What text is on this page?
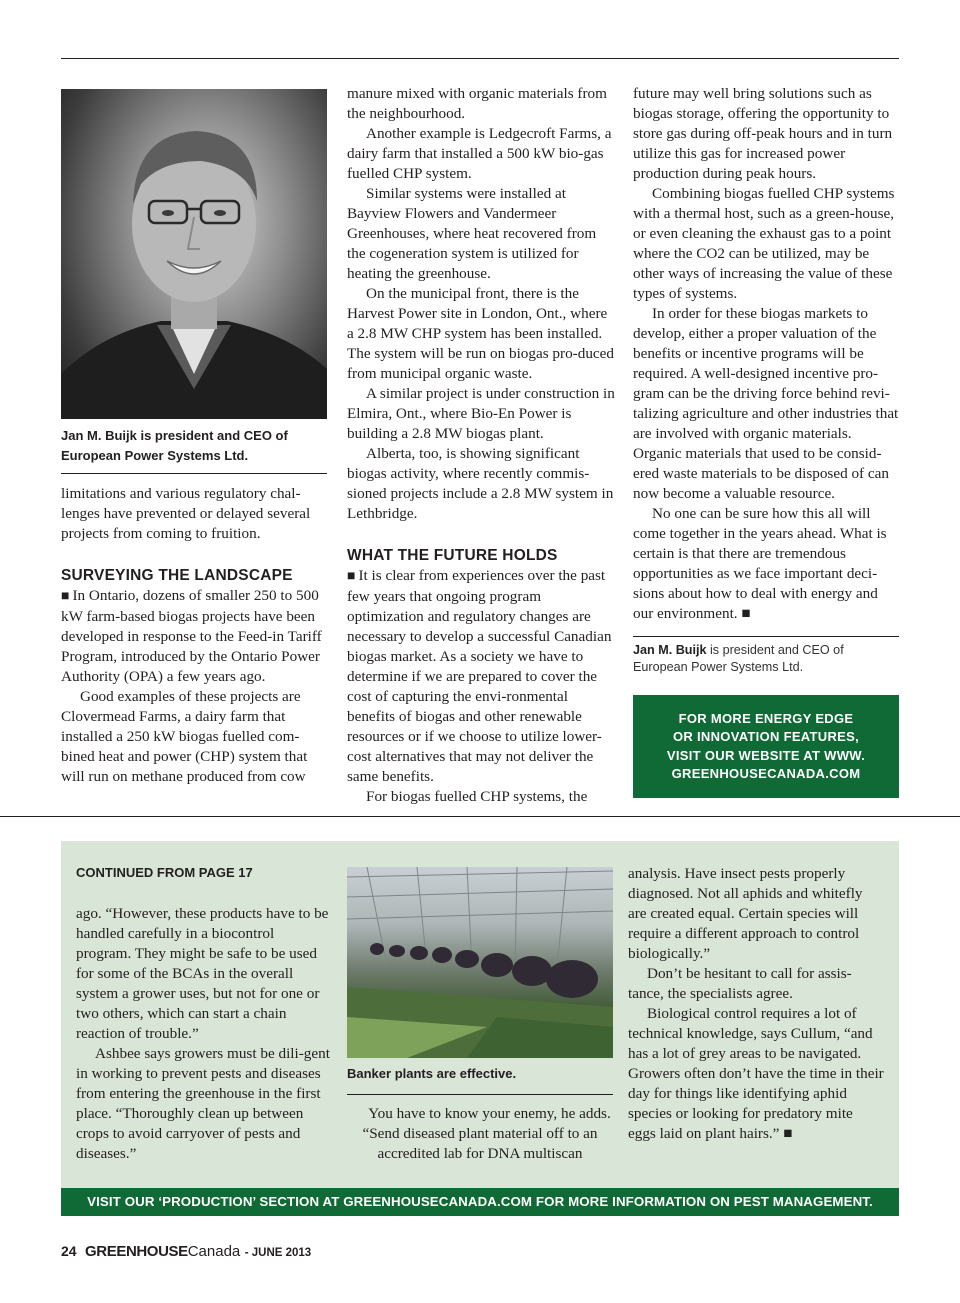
Jan M. Buijk is president and CEO of
European Power Systems Ltd.

limitations and various regulatory chal-lenges have prevented or delayed several projects from coming to fruition.

SURVEYING THE LANDSCAPE

■ In Ontario, dozens of smaller 250 to 500 kW farm-based biogas projects have been developed in response to the Feed-in Tariff Program, introduced by the Ontario Power Authority (OPA) a few years ago.

Good examples of these projects are Clovermead Farms, a dairy farm that installed a 250 kW biogas fuelled com-bined heat and power (CHP) system that will run on methane produced from cow

manure mixed with organic materials from the neighbourhood.

Another example is Ledgecroft Farms, a dairy farm that installed a 500 kW bio-gas fuelled CHP system.

Similar systems were installed at Bayview Flowers and Vandermeer Greenhouses, where heat recovered from the cogeneration system is utilized for heating the greenhouse.

On the municipal front, there is the Harvest Power site in London, Ont., where a 2.8 MW CHP system has been installed. The system will be run on biogas pro-duced from municipal organic waste.

A similar project is under construction in Elmira, Ont., where Bio-En Power is building a 2.8 MW biogas plant.

Alberta, too, is showing significant biogas activity, where recently commis-sioned projects include a 2.8 MW system in Lethbridge.

WHAT THE FUTURE HOLDS

■ It is clear from experiences over the past few years that ongoing program optimization and regulatory changes are necessary to develop a successful Canadian biogas market. As a society we have to determine if we are prepared to cover the cost of capturing the envi-ronmental benefits of biogas and other renewable resources or if we choose to utilize lower-cost alternatives that may not deliver the same benefits.

For biogas fuelled CHP systems, the

future may well bring solutions such as biogas storage, offering the opportunity to store gas during off-peak hours and in turn utilize this gas for increased power production during peak hours.

Combining biogas fuelled CHP systems with a thermal host, such as a green-house, or even cleaning the exhaust gas to a point where the CO2 can be utilized, may be other ways of increasing the value of these types of systems.

In order for these biogas markets to develop, either a proper valuation of the benefits or incentive programs will be required. A well-designed incentive pro-gram can be the driving force behind revi-talizing agriculture and other industries that are involved with organic materials. Organic materials that used to be consid-ered waste materials to be disposed of can now become a valuable resource.

No one can be sure how this all will come together in the years ahead. What is certain is that there are tremendous opportunities as we face important deci-sions about how to deal with energy and our environment. ■

Jan M. Buijk is president and CEO of European Power Systems Ltd.
FOR MORE ENERGY EDGE
OR INNOVATION FEATURES,
VISIT OUR WEBSITE AT WWW.
GREENHOUSECANADA.COM
CONTINUED FROM PAGE 17

ago. “However, these products have to be handled carefully in a biocontrol program. They might be safe to be used for some of the BCAs in the overall system a grower uses, but not for one or two others, which can start a chain reaction of trouble.”

Ashbee says growers must be dili-gent in working to prevent pests and diseases from entering the greenhouse in the first place. “Thoroughly clean up between crops to avoid carryover of pests and diseases.”

Banker plants are effective.

You have to know your enemy, he adds. “Send diseased plant material off to an accredited lab for DNA multiscan

analysis. Have insect pests properly diagnosed. Not all aphids and whitefly are created equal. Certain species will require a different approach to control biologically.”

Don’t be hesitant to call for assis-tance, the specialists agree.

Biological control requires a lot of technical knowledge, says Cullum, “and has a lot of grey areas to be navigated. Growers often don’t have the time in their day for things like identifying aphid species or looking for predatory mite eggs laid on plant hairs.” ■

VISIT OUR ‘PRODUCTION’ SECTION AT GREENHOUSECANADA.COM FOR MORE INFORMATION ON PEST MANAGEMENT.
24 GREENHOUSECanada - JUNE 2013
